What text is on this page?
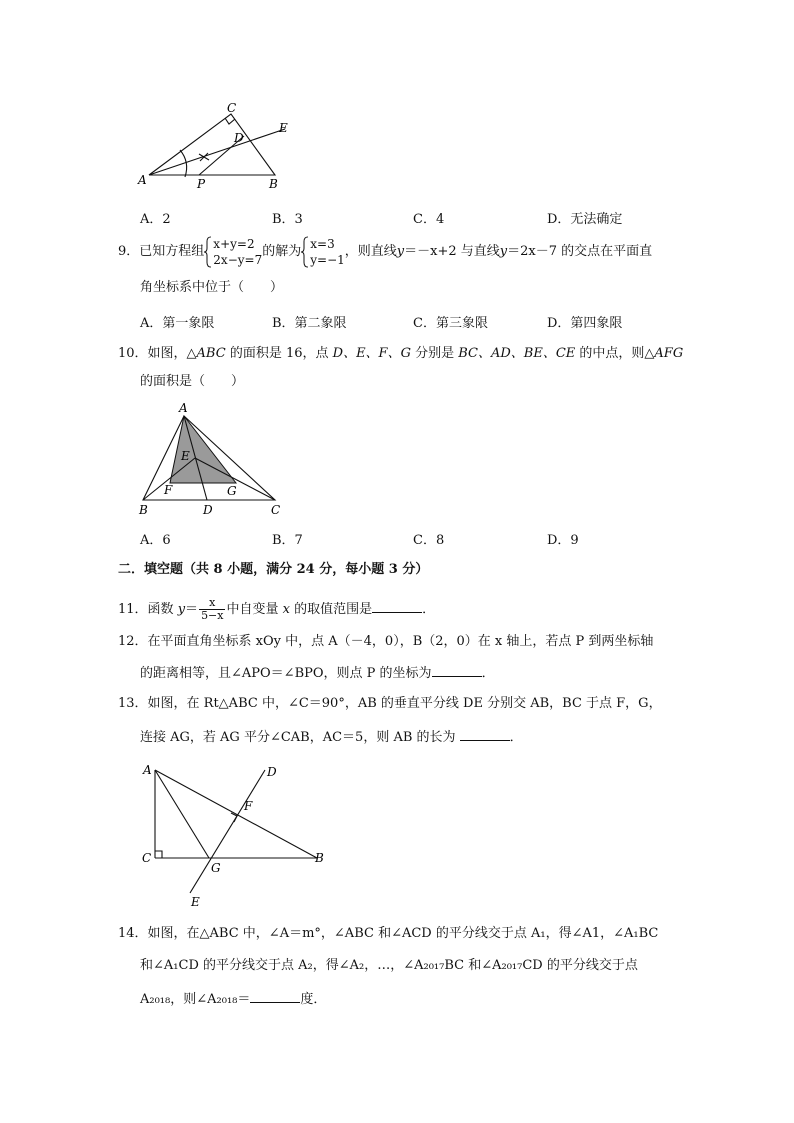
A
C
D
E
P	B
A．2	B．3	C．4	D．无法确定
9．已知方程组
x+y=2
2x−y=7
的解为
x=3
y=−1
，则直线y＝－x+2 与直线y＝2x－7 的交点在平面直
角坐标系中位于（　　）
A．第一象限	B．第二象限	C．第三象限	D．第四象限
10．如图，△ABC 的面积是 16，点 D、E、F、G 分别是 BC、AD、BE、CE 的中点，则△AFG
的面积是（　　）
A
E
F	G
B	D	C
A．6	B．7	C．8	D．9
二．填空题（共 8 小题，满分 24 分，每小题 3 分）
11．函数 $y= \frac{x}{5-x}$ 中自变量 x 的取值范围是	．
12．在平面直角坐标系 xOy 中，点 A（－4，0），B（2，0）在 x 轴上，若点 P 到两坐标轴
的距离相等，且∠APO＝∠BPO，则点 P 的坐标为	．
13．如图，在 Rt△ABC 中，∠C＝90°，AB 的垂直平分线 DE 分别交 AB，BC 于点 F，G，
连接 AG，若 AG 平分∠CAB，AC＝5，则 AB 的长为	．
A	D
F
C
G
B
E
14．如图，在△ABC 中，∠A＝m°，∠ABC 和∠ACD 的平分线交于点 A₁，得∠A1，∠A₁BC
和∠A₁CD 的平分线交于点 A₂，得∠A₂，…，∠A₂₀₁₇BC 和∠A₂₀₁₇CD 的平分线交于点
A₂₀₁₈，则∠A₂₀₁₈＝	度．
